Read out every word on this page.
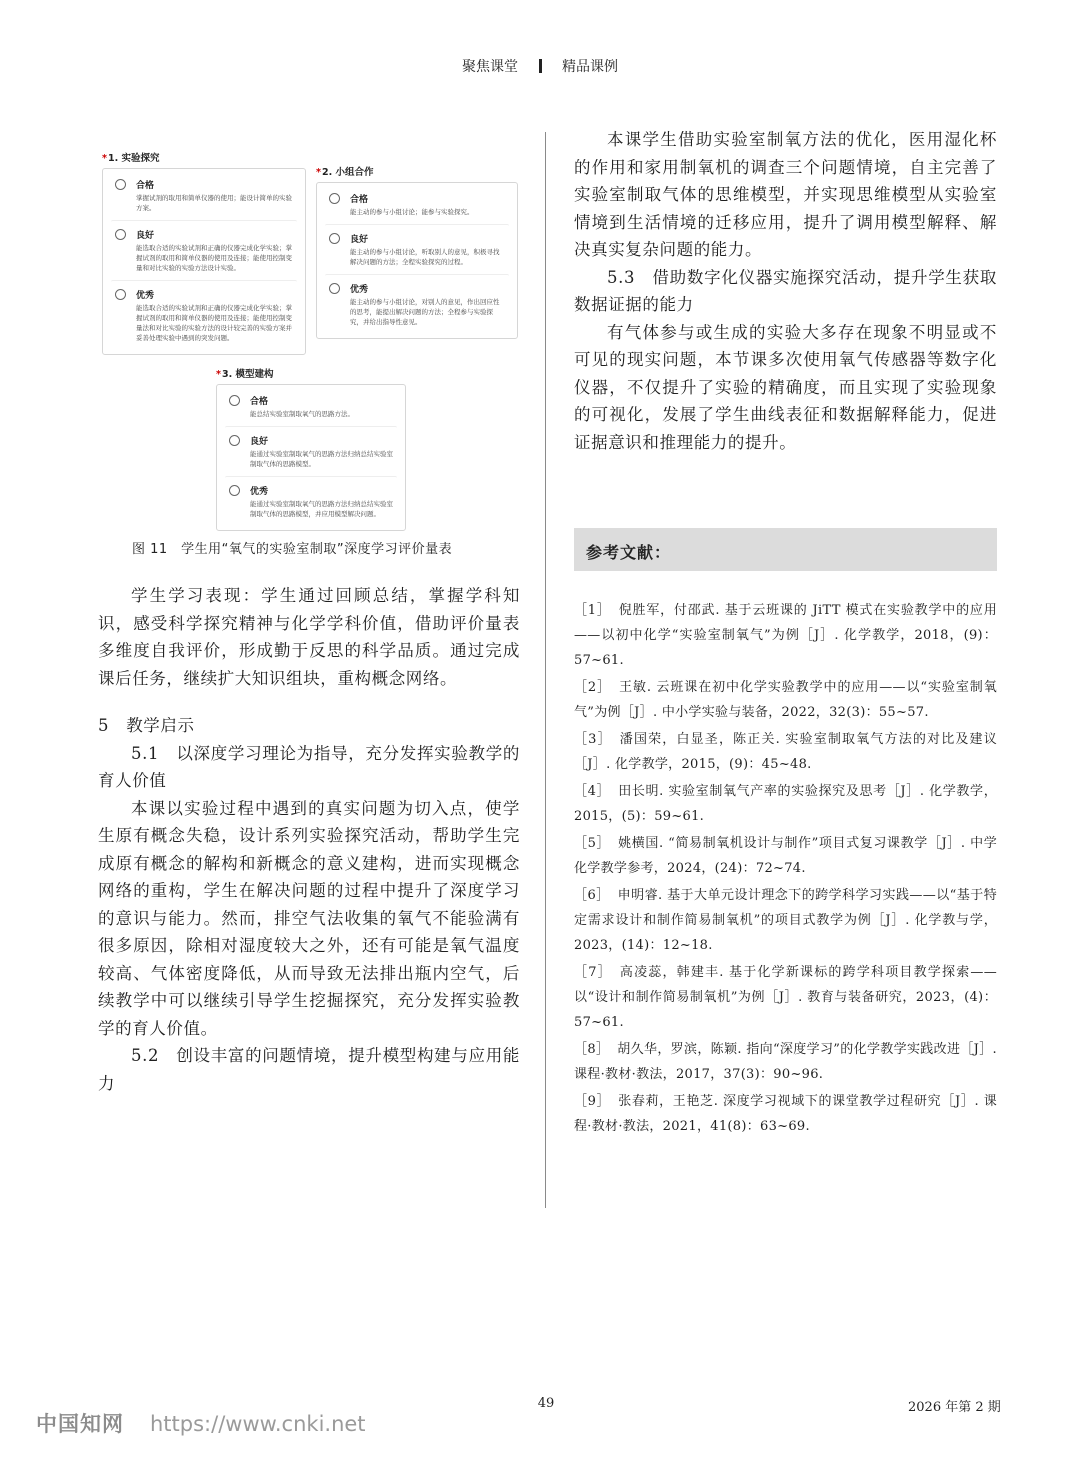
聚焦课堂	精品课例
*1. 实验探究
合格
掌握试剂的取用和简单仪器的使用；能设计简单的实验方案。
良好
能选取合适的实验试剂和正确的仪器完成化学实验；掌握试剂的取用和简单仪器的使用及连接；能使用控制变量和对比实验的实验方法设计实验。
优秀
能选取合适的实验试剂和正确的仪器完成化学实验；掌握试剂的取用和简单仪器的使用及连接；能使用控制变量法和对比实验的实验方法的设计较完善的实验方案并妥善处理实验中遇到的突发问题。
*2. 小组合作
合格
能主动的参与小组讨论；能参与实验探究。
良好
能主动的参与小组讨论，听取别人的意见，积极寻找解决问题的方法；全程实验探究的过程。
优秀
能主动的参与小组讨论，对别人的意见，作出回应性的思考，能提出解决问题的方法；全程参与实验探究，并给出指导性意见。
*3. 模型建构
合格
能总结实验室制取氧气的思路方法。
良好
能通过实验室制取氧气的思路方法归纳总结实验室制取气体的思路模型。
优秀
能通过实验室制取氧气的思路方法归纳总结实验室制取气体的思路模型，并应用模型解决问题。
图 11　学生用“氧气的实验室制取”深度学习评价量表

学生学习表现：学生通过回顾总结，掌握学科知识，感受科学探究精神与化学学科价值，借助评价量表多维度自我评价，形成勤于反思的科学品质。通过完成课后任务，继续扩大知识组块，重构概念网络。

5　教学启示

5.1　以深度学习理论为指导，充分发挥实验教学的育人价值

本课以实验过程中遇到的真实问题为切入点，使学生原有概念失稳，设计系列实验探究活动，帮助学生完成原有概念的解构和新概念的意义建构，进而实现概念网络的重构，学生在解决问题的过程中提升了深度学习的意识与能力。然而，排空气法收集的氧气不能验满有很多原因，除相对湿度较大之外，还有可能是氧气温度较高、气体密度降低，从而导致无法排出瓶内空气，后续教学中可以继续引导学生挖掘探究，充分发挥实验教学的育人价值。

5.2　创设丰富的问题情境，提升模型构建与应用能力

本课学生借助实验室制氧方法的优化，医用湿化杯的作用和家用制氧机的调查三个问题情境，自主完善了实验室制取气体的思维模型，并实现思维模型从实验室情境到生活情境的迁移应用，提升了调用模型解释、解决真实复杂问题的能力。

5.3　借助数字化仪器实施探究活动，提升学生获取数据证据的能力

有气体参与或生成的实验大多存在现象不明显或不可见的现实问题，本节课多次使用氧气传感器等数字化仪器，不仅提升了实验的精确度，而且实现了实验现象的可视化，发展了学生曲线表征和数据解释能力，促进证据意识和推理能力的提升。

参考文献：
［1］ 倪胜军，付邵武. 基于云班课的 JiTT 模式在实验教学中的应用——以初中化学“实验室制氧气”为例［J］. 化学教学，2018，(9)：57~61.
［2］ 王敏. 云班课在初中化学实验教学中的应用——以“实验室制氧气”为例［J］. 中小学实验与装备，2022，32(3)：55~57.
［3］ 潘国荣，白显圣，陈正关. 实验室制取氧气方法的对比及建议［J］. 化学教学，2015，(9)：45~48.
［4］ 田长明. 实验室制氧气产率的实验探究及思考［J］. 化学教学，2015，(5)：59~61.
［5］ 姚横国. “简易制氧机设计与制作”项目式复习课教学［J］. 中学化学教学参考，2024，(24)：72~74.
［6］ 申明睿. 基于大单元设计理念下的跨学科学习实践——以“基于特定需求设计和制作简易制氧机”的项目式教学为例［J］. 化学教与学，2023，(14)：12~18.
［7］ 高凌蕊，韩建丰. 基于化学新课标的跨学科项目教学探索——以“设计和制作简易制氧机”为例［J］. 教育与装备研究，2023，(4)：57~61.
［8］ 胡久华，罗滨，陈颖. 指向“深度学习”的化学教学实践改进［J］. 课程·教材·教法，2017，37(3)：90~96.
［9］ 张春莉，王艳芝. 深度学习视域下的课堂教学过程研究［J］. 课程·教材·教法，2021，41(8)：63~69.
49	2026 年第 2 期
中国知网 https://www.cnki.net
